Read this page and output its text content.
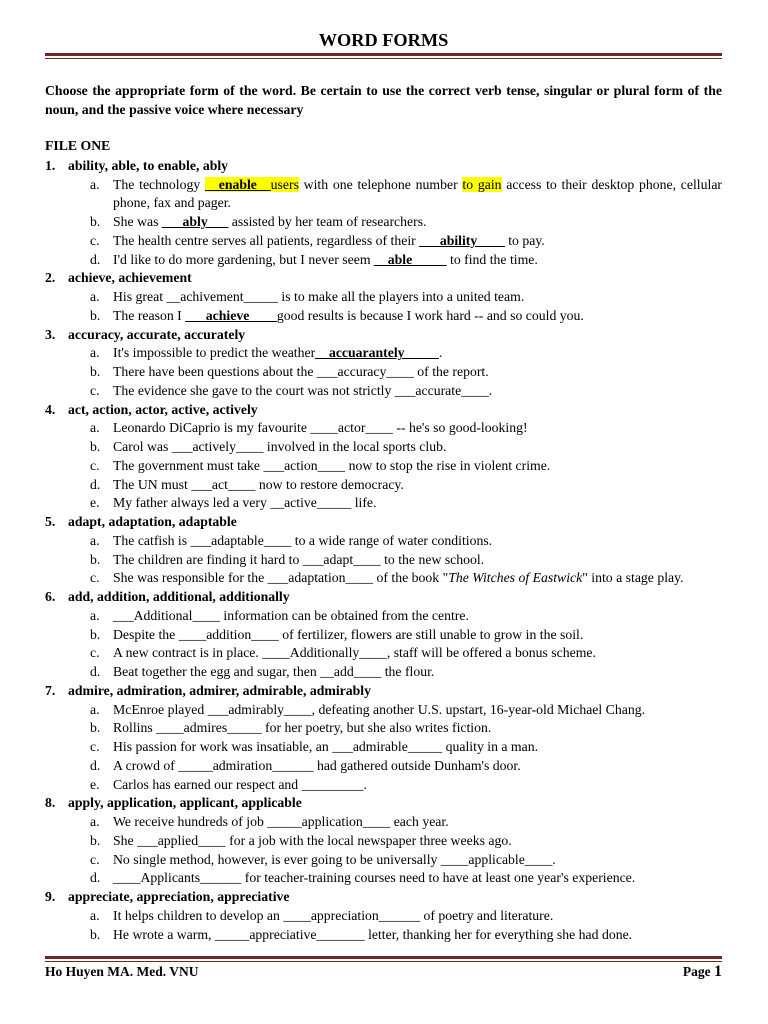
WORD FORMS

Choose the appropriate form of the word. Be certain to use the correct verb tense, singular or plural form of the noun, and the passive voice where necessary

FILE ONE
1. ability, able, to enable, ably
a. The technology __enable__users with one telephone number to gain access to their desktop phone, cellular phone, fax and pager.
b. She was ___ably___ assisted by her team of researchers.
c. The health centre serves all patients, regardless of their ___ability____ to pay.
d. I'd like to do more gardening, but I never seem __able_____ to find the time.
2. achieve, achievement
a. His great __achivement_____ is to make all the players into a united team.
b. The reason I ___achieve____good results is because I work hard -- and so could you.
3. accuracy, accurate, accurately
a. It's impossible to predict the weather__accuarantely_____.
b. There have been questions about the ___accuracy____ of the report.
c. The evidence she gave to the court was not strictly ___accurate____.
4. act, action, actor, active, actively
a. Leonardo DiCaprio is my favourite ____actor____ -- he's so good-looking!
b. Carol was ___actively____ involved in the local sports club.
c. The government must take ___action____ now to stop the rise in violent crime.
d. The UN must ___act____ now to restore democracy.
e. My father always led a very __active_____ life.
5. adapt, adaptation, adaptable
a. The catfish is ___adaptable____ to a wide range of water conditions.
b. The children are finding it hard to ___adapt____ to the new school.
c. She was responsible for the ___adaptation____ of the book "The Witches of Eastwick" into a stage play.
6. add, addition, additional, additionally
a. ___Additional____ information can be obtained from the centre.
b. Despite the ____addition____ of fertilizer, flowers are still unable to grow in the soil.
c. A new contract is in place. ____Additionally____, staff will be offered a bonus scheme.
d. Beat together the egg and sugar, then __add____ the flour.
7. admire, admiration, admirer, admirable, admirably
a. McEnroe played ___admirably____, defeating another U.S. upstart, 16-year-old Michael Chang.
b. Rollins ____admires_____ for her poetry, but she also writes fiction.
c. His passion for work was insatiable, an ___admirable_____ quality in a man.
d. A crowd of _____admiration______ had gathered outside Dunham's door.
e. Carlos has earned our respect and _________.
8. apply, application, applicant, applicable
a. We receive hundreds of job _____application____ each year.
b. She ___applied____ for a job with the local newspaper three weeks ago.
c. No single method, however, is ever going to be universally ____applicable____.
d. ____Applicants______ for teacher-training courses need to have at least one year's experience.
9. appreciate, appreciation, appreciative
a. It helps children to develop an ____appreciation______ of poetry and literature.
b. He wrote a warm, _____appreciative_______ letter, thanking her for everything she had done.
Ho Huyen MA. Med. VNU	Page 1
